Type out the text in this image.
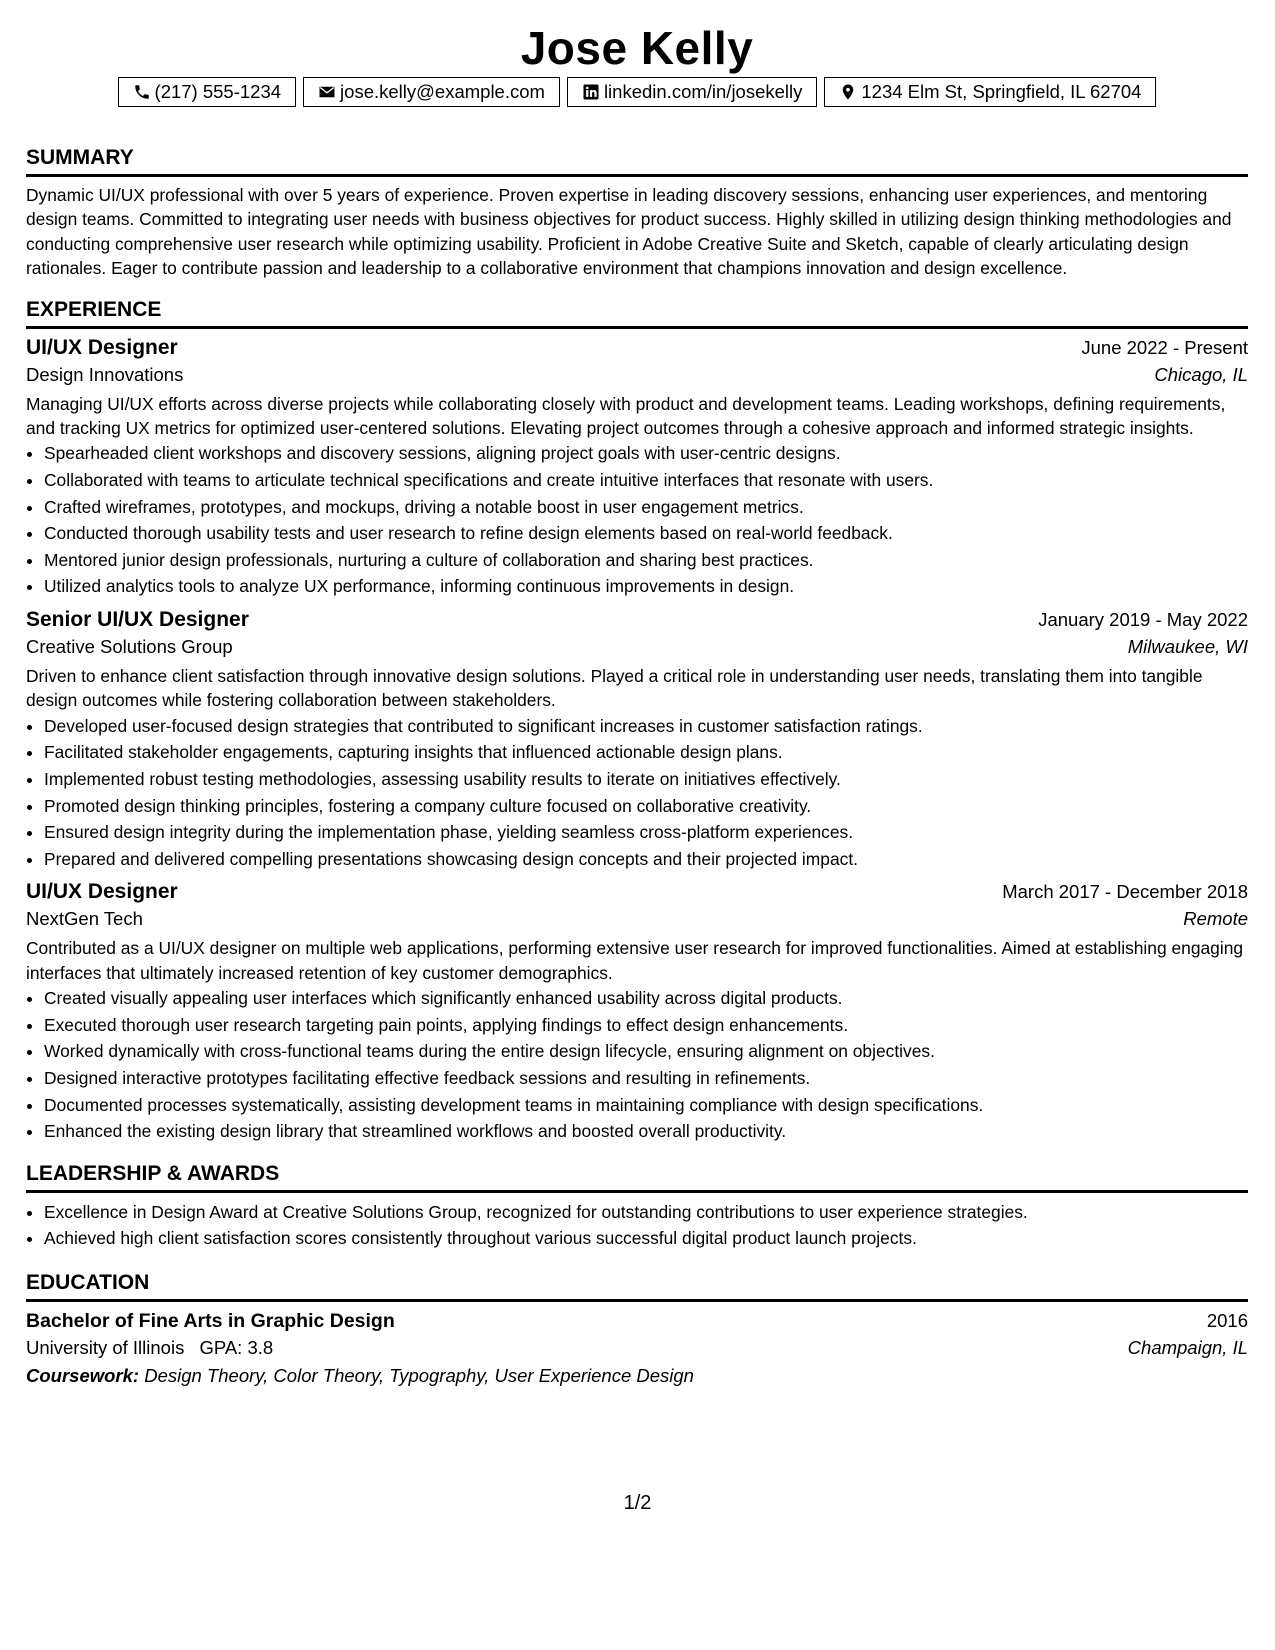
Jose Kelly
(217) 555-1234	jose.kelly@example.com	linkedin.com/in/josekelly	1234 Elm St, Springfield, IL 62704
SUMMARY

Dynamic UI/UX professional with over 5 years of experience. Proven expertise in leading discovery sessions, enhancing user experiences, and mentoring design teams. Committed to integrating user needs with business objectives for product success. Highly skilled in utilizing design thinking methodologies and conducting comprehensive user research while optimizing usability. Proficient in Adobe Creative Suite and Sketch, capable of clearly articulating design rationales. Eager to contribute passion and leadership to a collaborative environment that champions innovation and design excellence.

EXPERIENCE
UI/UX Designer	June 2022 - Present
Design Innovations	Chicago, IL

Managing UI/UX efforts across diverse projects while collaborating closely with product and development teams. Leading workshops, defining requirements, and tracking UX metrics for optimized user-centered solutions. Elevating project outcomes through a cohesive approach and informed strategic insights.

• Spearheaded client workshops and discovery sessions, aligning project goals with user-centric designs.
• Collaborated with teams to articulate technical specifications and create intuitive interfaces that resonate with users.
• Crafted wireframes, prototypes, and mockups, driving a notable boost in user engagement metrics.
• Conducted thorough usability tests and user research to refine design elements based on real-world feedback.
• Mentored junior design professionals, nurturing a culture of collaboration and sharing best practices.
• Utilized analytics tools to analyze UX performance, informing continuous improvements in design.
Senior UI/UX Designer	January 2019 - May 2022
Creative Solutions Group	Milwaukee, WI

Driven to enhance client satisfaction through innovative design solutions. Played a critical role in understanding user needs, translating them into tangible design outcomes while fostering collaboration between stakeholders.

• Developed user-focused design strategies that contributed to significant increases in customer satisfaction ratings.
• Facilitated stakeholder engagements, capturing insights that influenced actionable design plans.
• Implemented robust testing methodologies, assessing usability results to iterate on initiatives effectively.
• Promoted design thinking principles, fostering a company culture focused on collaborative creativity.
• Ensured design integrity during the implementation phase, yielding seamless cross-platform experiences.
• Prepared and delivered compelling presentations showcasing design concepts and their projected impact.
UI/UX Designer	March 2017 - December 2018
NextGen Tech	Remote

Contributed as a UI/UX designer on multiple web applications, performing extensive user research for improved functionalities. Aimed at establishing engaging interfaces that ultimately increased retention of key customer demographics.

• Created visually appealing user interfaces which significantly enhanced usability across digital products.
• Executed thorough user research targeting pain points, applying findings to effect design enhancements.
• Worked dynamically with cross-functional teams during the entire design lifecycle, ensuring alignment on objectives.
• Designed interactive prototypes facilitating effective feedback sessions and resulting in refinements.
• Documented processes systematically, assisting development teams in maintaining compliance with design specifications.
• Enhanced the existing design library that streamlined workflows and boosted overall productivity.
LEADERSHIP & AWARDS
• Excellence in Design Award at Creative Solutions Group, recognized for outstanding contributions to user experience strategies.
• Achieved high client satisfaction scores consistently throughout various successful digital product launch projects.
EDUCATION
Bachelor of Fine Arts in Graphic Design	2016
University of Illinois GPA: 3.8	Champaign, IL
Coursework: Design Theory, Color Theory, Typography, User Experience Design
1/2
